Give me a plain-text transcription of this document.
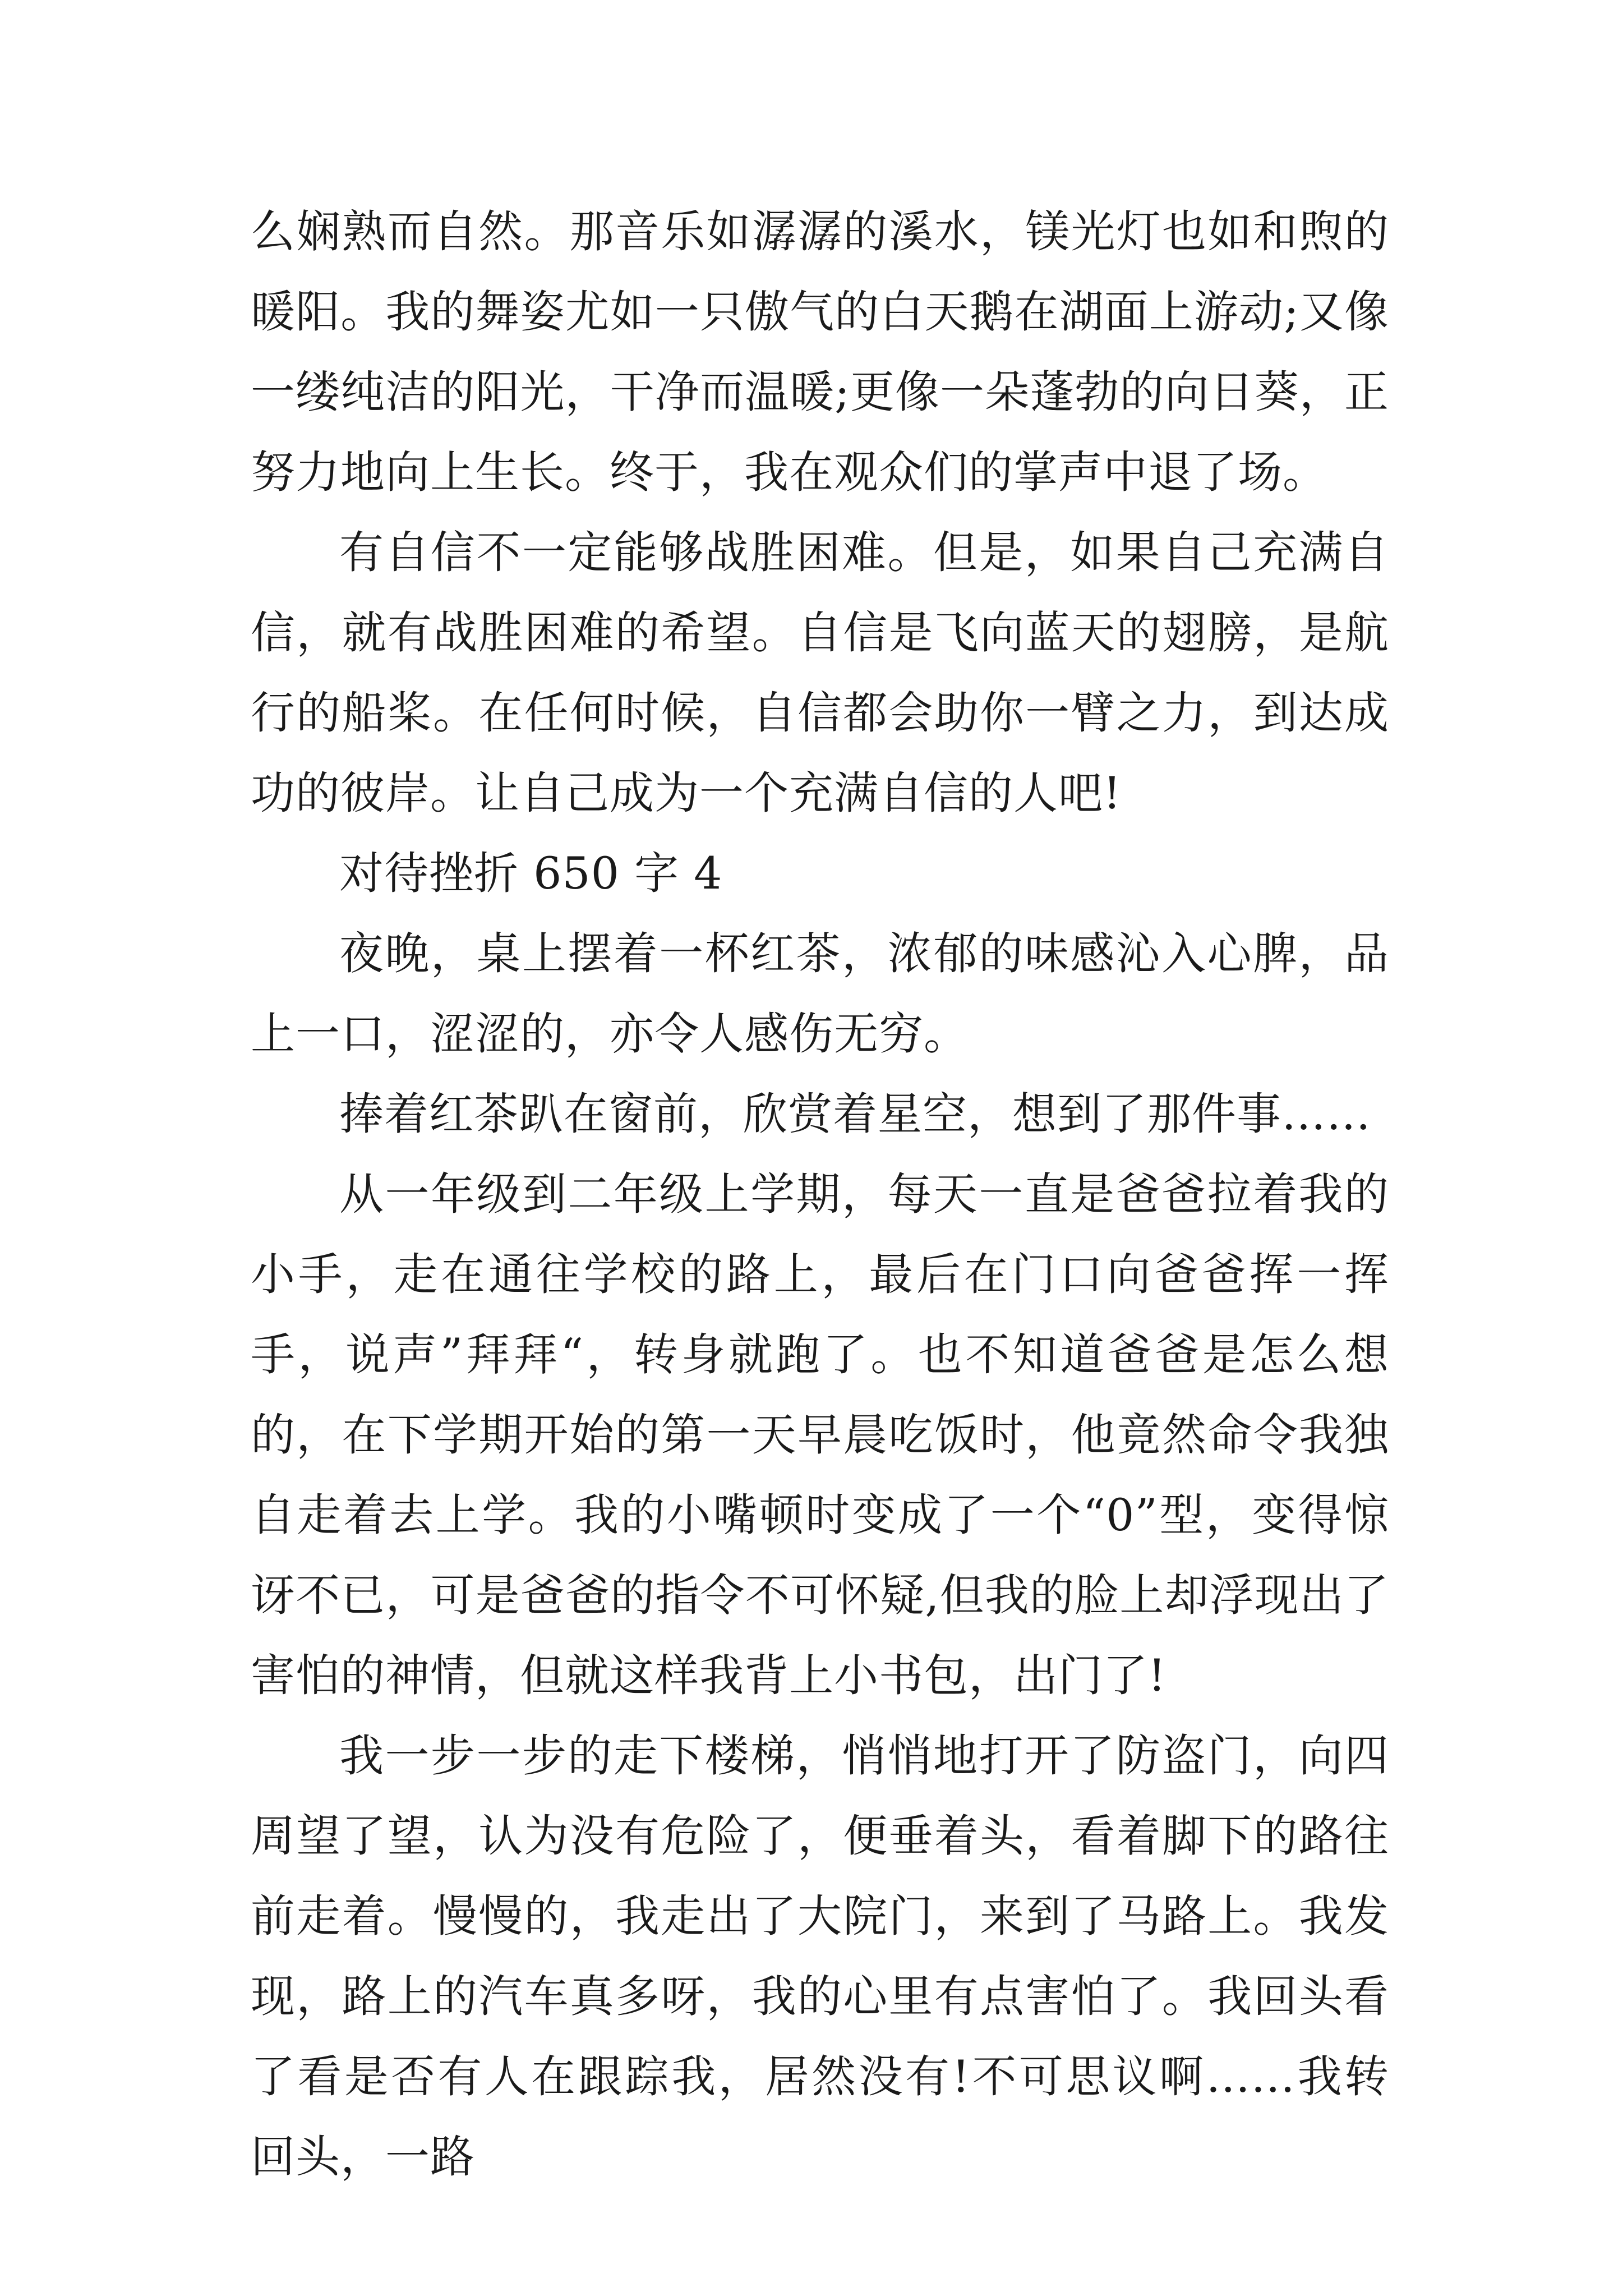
么娴熟而自然。那音乐如潺潺的溪水，镁光灯也如和煦的暖阳。我的舞姿尤如一只傲气的白天鹅在湖面上游动;又像一缕纯洁的阳光，干净而温暖;更像一朵蓬勃的向日葵，正努力地向上生长。终于，我在观众们的掌声中退了场。

有自信不一定能够战胜困难。但是，如果自己充满自信，就有战胜困难的希望。自信是飞向蓝天的翅膀，是航行的船桨。在任何时候，自信都会助你一臂之力，到达成功的彼岸。让自己成为一个充满自信的人吧!

对待挫折 650 字 4

夜晚，桌上摆着一杯红茶，浓郁的味感沁入心脾，品上一口，涩涩的，亦令人感伤无穷。

捧着红茶趴在窗前，欣赏着星空，想到了那件事……

从一年级到二年级上学期，每天一直是爸爸拉着我的小手，走在通往学校的路上，最后在门口向爸爸挥一挥手，说声”拜拜“，转身就跑了。也不知道爸爸是怎么想的，在下学期开始的第一天早晨吃饭时，他竟然命令我独自走着去上学。我的小嘴顿时变成了一个“0”型，变得惊讶不已，可是爸爸的指令不可怀疑,但我的脸上却浮现出了害怕的神情，但就这样我背上小书包，出门了!

我一步一步的走下楼梯，悄悄地打开了防盗门，向四周望了望，认为没有危险了，便垂着头，看着脚下的路往前走着。慢慢的，我走出了大院门，来到了马路上。我发现，路上的汽车真多呀，我的心里有点害怕了。我回头看了看是否有人在跟踪我，居然没有!不可思议啊……我转回头，一路
